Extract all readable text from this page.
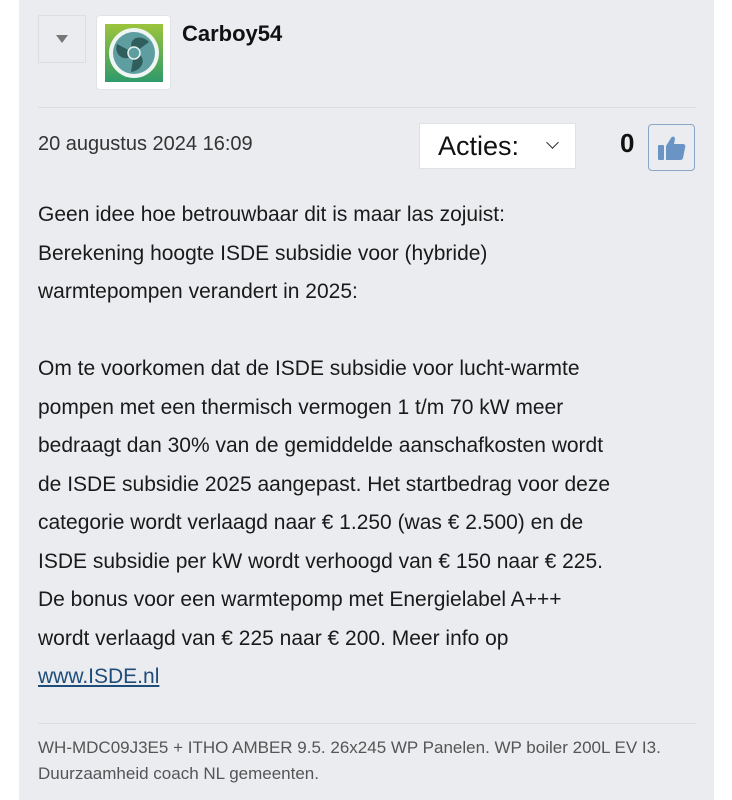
Carboy54
20 augustus 2024 16:09	Acties:	0

Geen idee hoe betrouwbaar dit is maar las zojuist:

Berekening hoogte ISDE subsidie voor (hybride)

warmtepompen verandert in 2025:

Om te voorkomen dat de ISDE subsidie voor lucht-warmte

pompen met een thermisch vermogen 1 t/m 70 kW meer

bedraagt dan 30% van de gemiddelde aanschafkosten wordt

de ISDE subsidie 2025 aangepast. Het startbedrag voor deze

categorie wordt verlaagd naar € 1.250 (was € 2.500) en de

ISDE subsidie per kW wordt verhoogd van € 150 naar € 225.

De bonus voor een warmtepomp met Energielabel A+++

wordt verlaagd van € 225 naar € 200. Meer info op

www.ISDE.nl

WH-MDC09J3E5 + ITHO AMBER 9.5. 26x245 WP Panelen. WP boiler 200L EV I3. Duurzaamheid coach NL gemeenten.
